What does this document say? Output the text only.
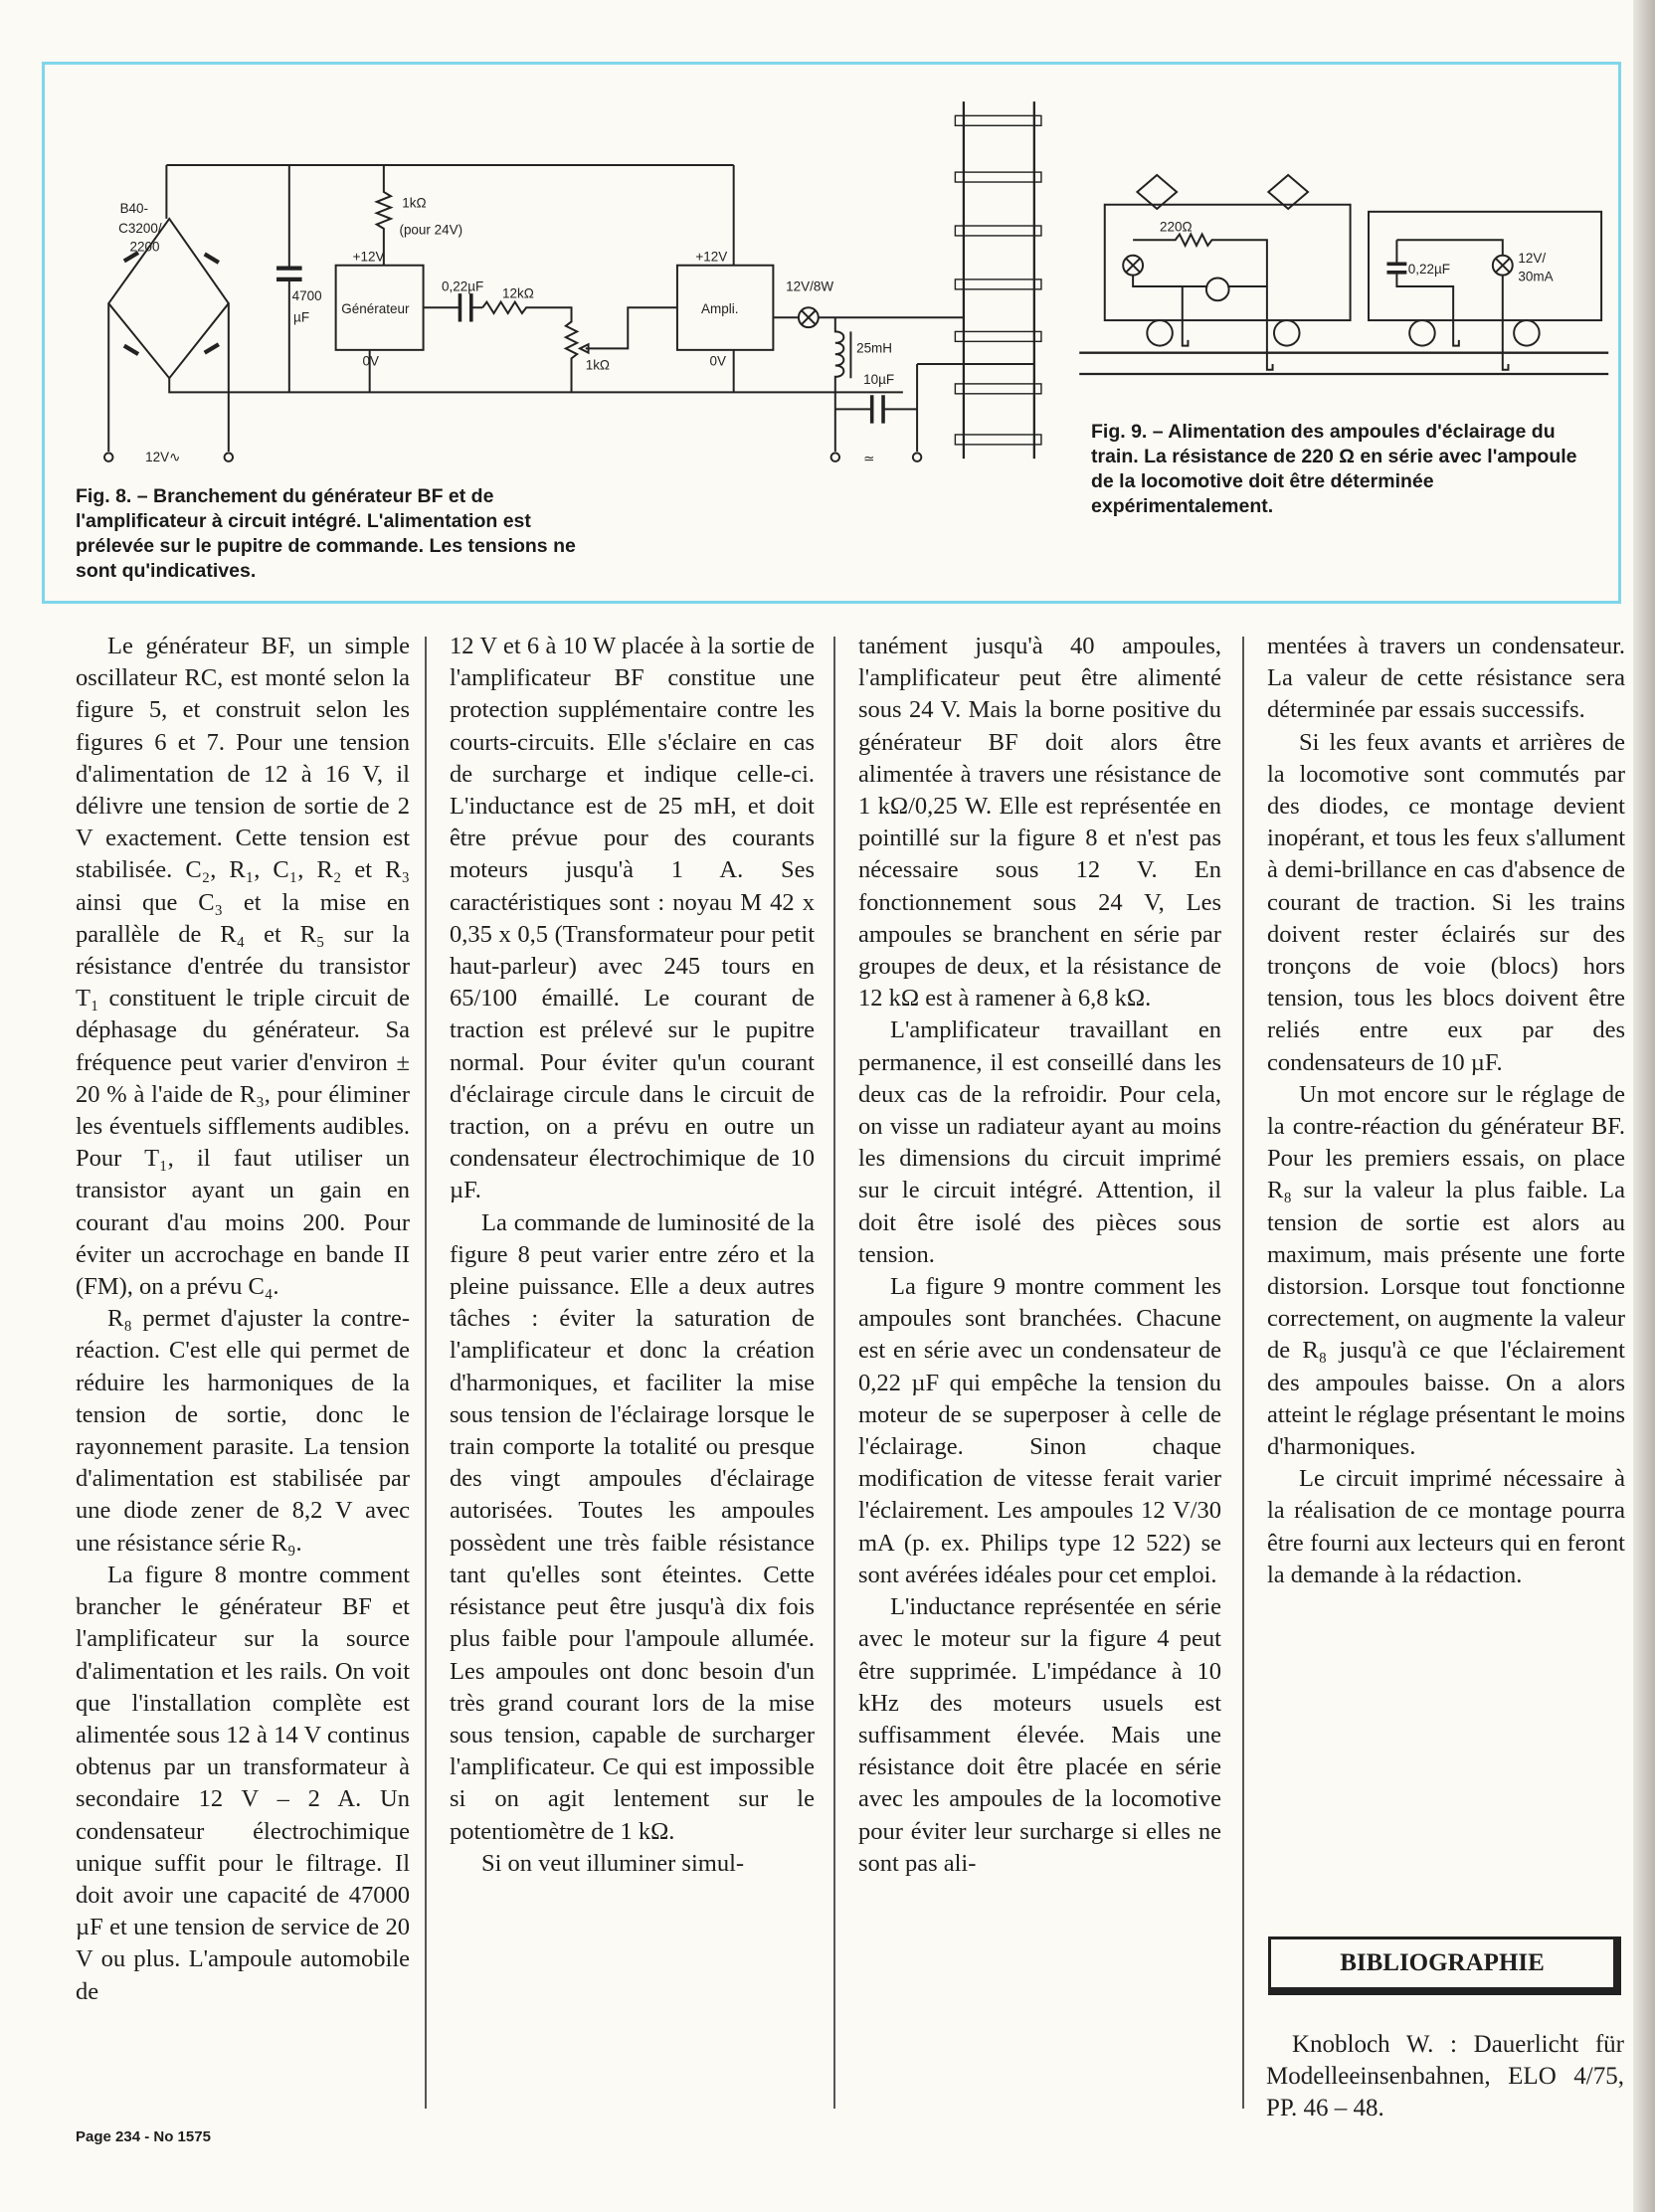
B40-
C3200/
2200
4700
µF
1kΩ
(pour 24V)
+12V
Générateur
0V
0,22µF 12kΩ
1kΩ
+12V
Ampli.
0V
12V/8W
25mH
10µF
12V∿	≃
220Ω
0,22µF
12V/
30mA
Fig. 8. – Branchement du générateur BF et de l'amplificateur à circuit intégré. L'alimentation est prélevée sur le pupitre de commande. Les tensions ne sont qu'indicatives.
Fig. 9. – Alimentation des ampoules d'éclairage du train. La résistance de 220 Ω en série avec l'ampoule de la locomotive doit être déterminée expérimentalement.

Le générateur BF, un simple oscillateur RC, est monté selon la figure 5, et construit selon les figures 6 et 7. Pour une tension d'alimentation de 12 à 16 V, il délivre une tension de sortie de 2 V exactement. Cette tension est stabilisée. C₂, R₁, C₁, R₂ et R₃ ainsi que C₃ et la mise en parallèle de R₄ et R₅ sur la résistance d'entrée du transistor T₁ constituent le triple circuit de déphasage du générateur. Sa fréquence peut varier d'environ ± 20 % à l'aide de R₃, pour éliminer les éventuels sifflements audibles. Pour T₁, il faut utiliser un transistor ayant un gain en courant d'au moins 200. Pour éviter un accrochage en bande II (FM), on a prévu C₄.

R₈ permet d'ajuster la contre-réaction. C'est elle qui permet de réduire les harmoniques de la tension de sortie, donc le rayonnement parasite. La tension d'alimentation est stabilisée par une diode zener de 8,2 V avec une résistance série R₉.

La figure 8 montre comment brancher le générateur BF et l'amplificateur sur la source d'alimentation et les rails. On voit que l'installation complète est alimentée sous 12 à 14 V continus obtenus par un transformateur à secondaire 12 V – 2 A. Un condensateur électrochimique unique suffit pour le filtrage. Il doit avoir une capacité de 47000 µF et une tension de service de 20 V ou plus. L'ampoule automobile de

12 V et 6 à 10 W placée à la sortie de l'amplificateur BF constitue une protection supplémentaire contre les courts-circuits. Elle s'éclaire en cas de surcharge et indique celle-ci. L'inductance est de 25 mH, et doit être prévue pour des courants moteurs jusqu'à 1 A. Ses caractéristiques sont : noyau M 42 x 0,35 x 0,5 (Transformateur pour petit haut-parleur) avec 245 tours en 65/100 émaillé. Le courant de traction est prélevé sur le pupitre normal. Pour éviter qu'un courant d'éclairage circule dans le circuit de traction, on a prévu en outre un condensateur électrochimique de 10 µF.

La commande de luminosité de la figure 8 peut varier entre zéro et la pleine puissance. Elle a deux autres tâches : éviter la saturation de l'amplificateur et donc la création d'harmoniques, et faciliter la mise sous tension de l'éclairage lorsque le train comporte la totalité ou presque des vingt ampoules d'éclairage autorisées. Toutes les ampoules possèdent une très faible résistance tant qu'elles sont éteintes. Cette résistance peut être jusqu'à dix fois plus faible pour l'ampoule allumée. Les ampoules ont donc besoin d'un très grand courant lors de la mise sous tension, capable de surcharger l'amplificateur. Ce qui est impossible si on agit lentement sur le potentiomètre de 1 kΩ.

Si on veut illuminer simul-

tanément jusqu'à 40 ampoules, l'amplificateur peut être alimenté sous 24 V. Mais la borne positive du générateur BF doit alors être alimentée à travers une résistance de 1 kΩ/0,25 W. Elle est représentée en pointillé sur la figure 8 et n'est pas nécessaire sous 12 V. En fonctionnement sous 24 V, Les ampoules se branchent en série par groupes de deux, et la résistance de 12 kΩ est à ramener à 6,8 kΩ.

L'amplificateur travaillant en permanence, il est conseillé dans les deux cas de la refroidir. Pour cela, on visse un radiateur ayant au moins les dimensions du circuit imprimé sur le circuit intégré. Attention, il doit être isolé des pièces sous tension.

La figure 9 montre comment les ampoules sont branchées. Chacune est en série avec un condensateur de 0,22 µF qui empêche la tension du moteur de se superposer à celle de l'éclairage. Sinon chaque modification de vitesse ferait varier l'éclairement. Les ampoules 12 V/30 mA (p. ex. Philips type 12 522) se sont avérées idéales pour cet emploi.

L'inductance représentée en série avec le moteur sur la figure 4 peut être supprimée. L'impédance à 10 kHz des moteurs usuels est suffisamment élevée. Mais une résistance doit être placée en série avec les ampoules de la locomotive pour éviter leur surcharge si elles ne sont pas ali-

mentées à travers un condensateur. La valeur de cette résistance sera déterminée par essais successifs.

Si les feux avants et arrières de la locomotive sont commutés par des diodes, ce montage devient inopérant, et tous les feux s'allument à demi-brillance en cas d'absence de courant de traction. Si les trains doivent rester éclairés sur des tronçons de voie (blocs) hors tension, tous les blocs doivent être reliés entre eux par des condensateurs de 10 µF.

Un mot encore sur le réglage de la contre-réaction du générateur BF. Pour les premiers essais, on place R₈ sur la valeur la plus faible. La tension de sortie est alors au maximum, mais présente une forte distorsion. Lorsque tout fonctionne correctement, on augmente la valeur de R₈ jusqu'à ce que l'éclairement des ampoules baisse. On a alors atteint le réglage présentant le moins d'harmoniques.

Le circuit imprimé nécessaire à la réalisation de ce montage pourra être fourni aux lecteurs qui en feront la demande à la rédaction.

BIBLIOGRAPHIE
Knobloch W. : Dauerlicht für Modelleeinsenbahnen, ELO 4/75, PP. 46 – 48.
Page 234 - No 1575
